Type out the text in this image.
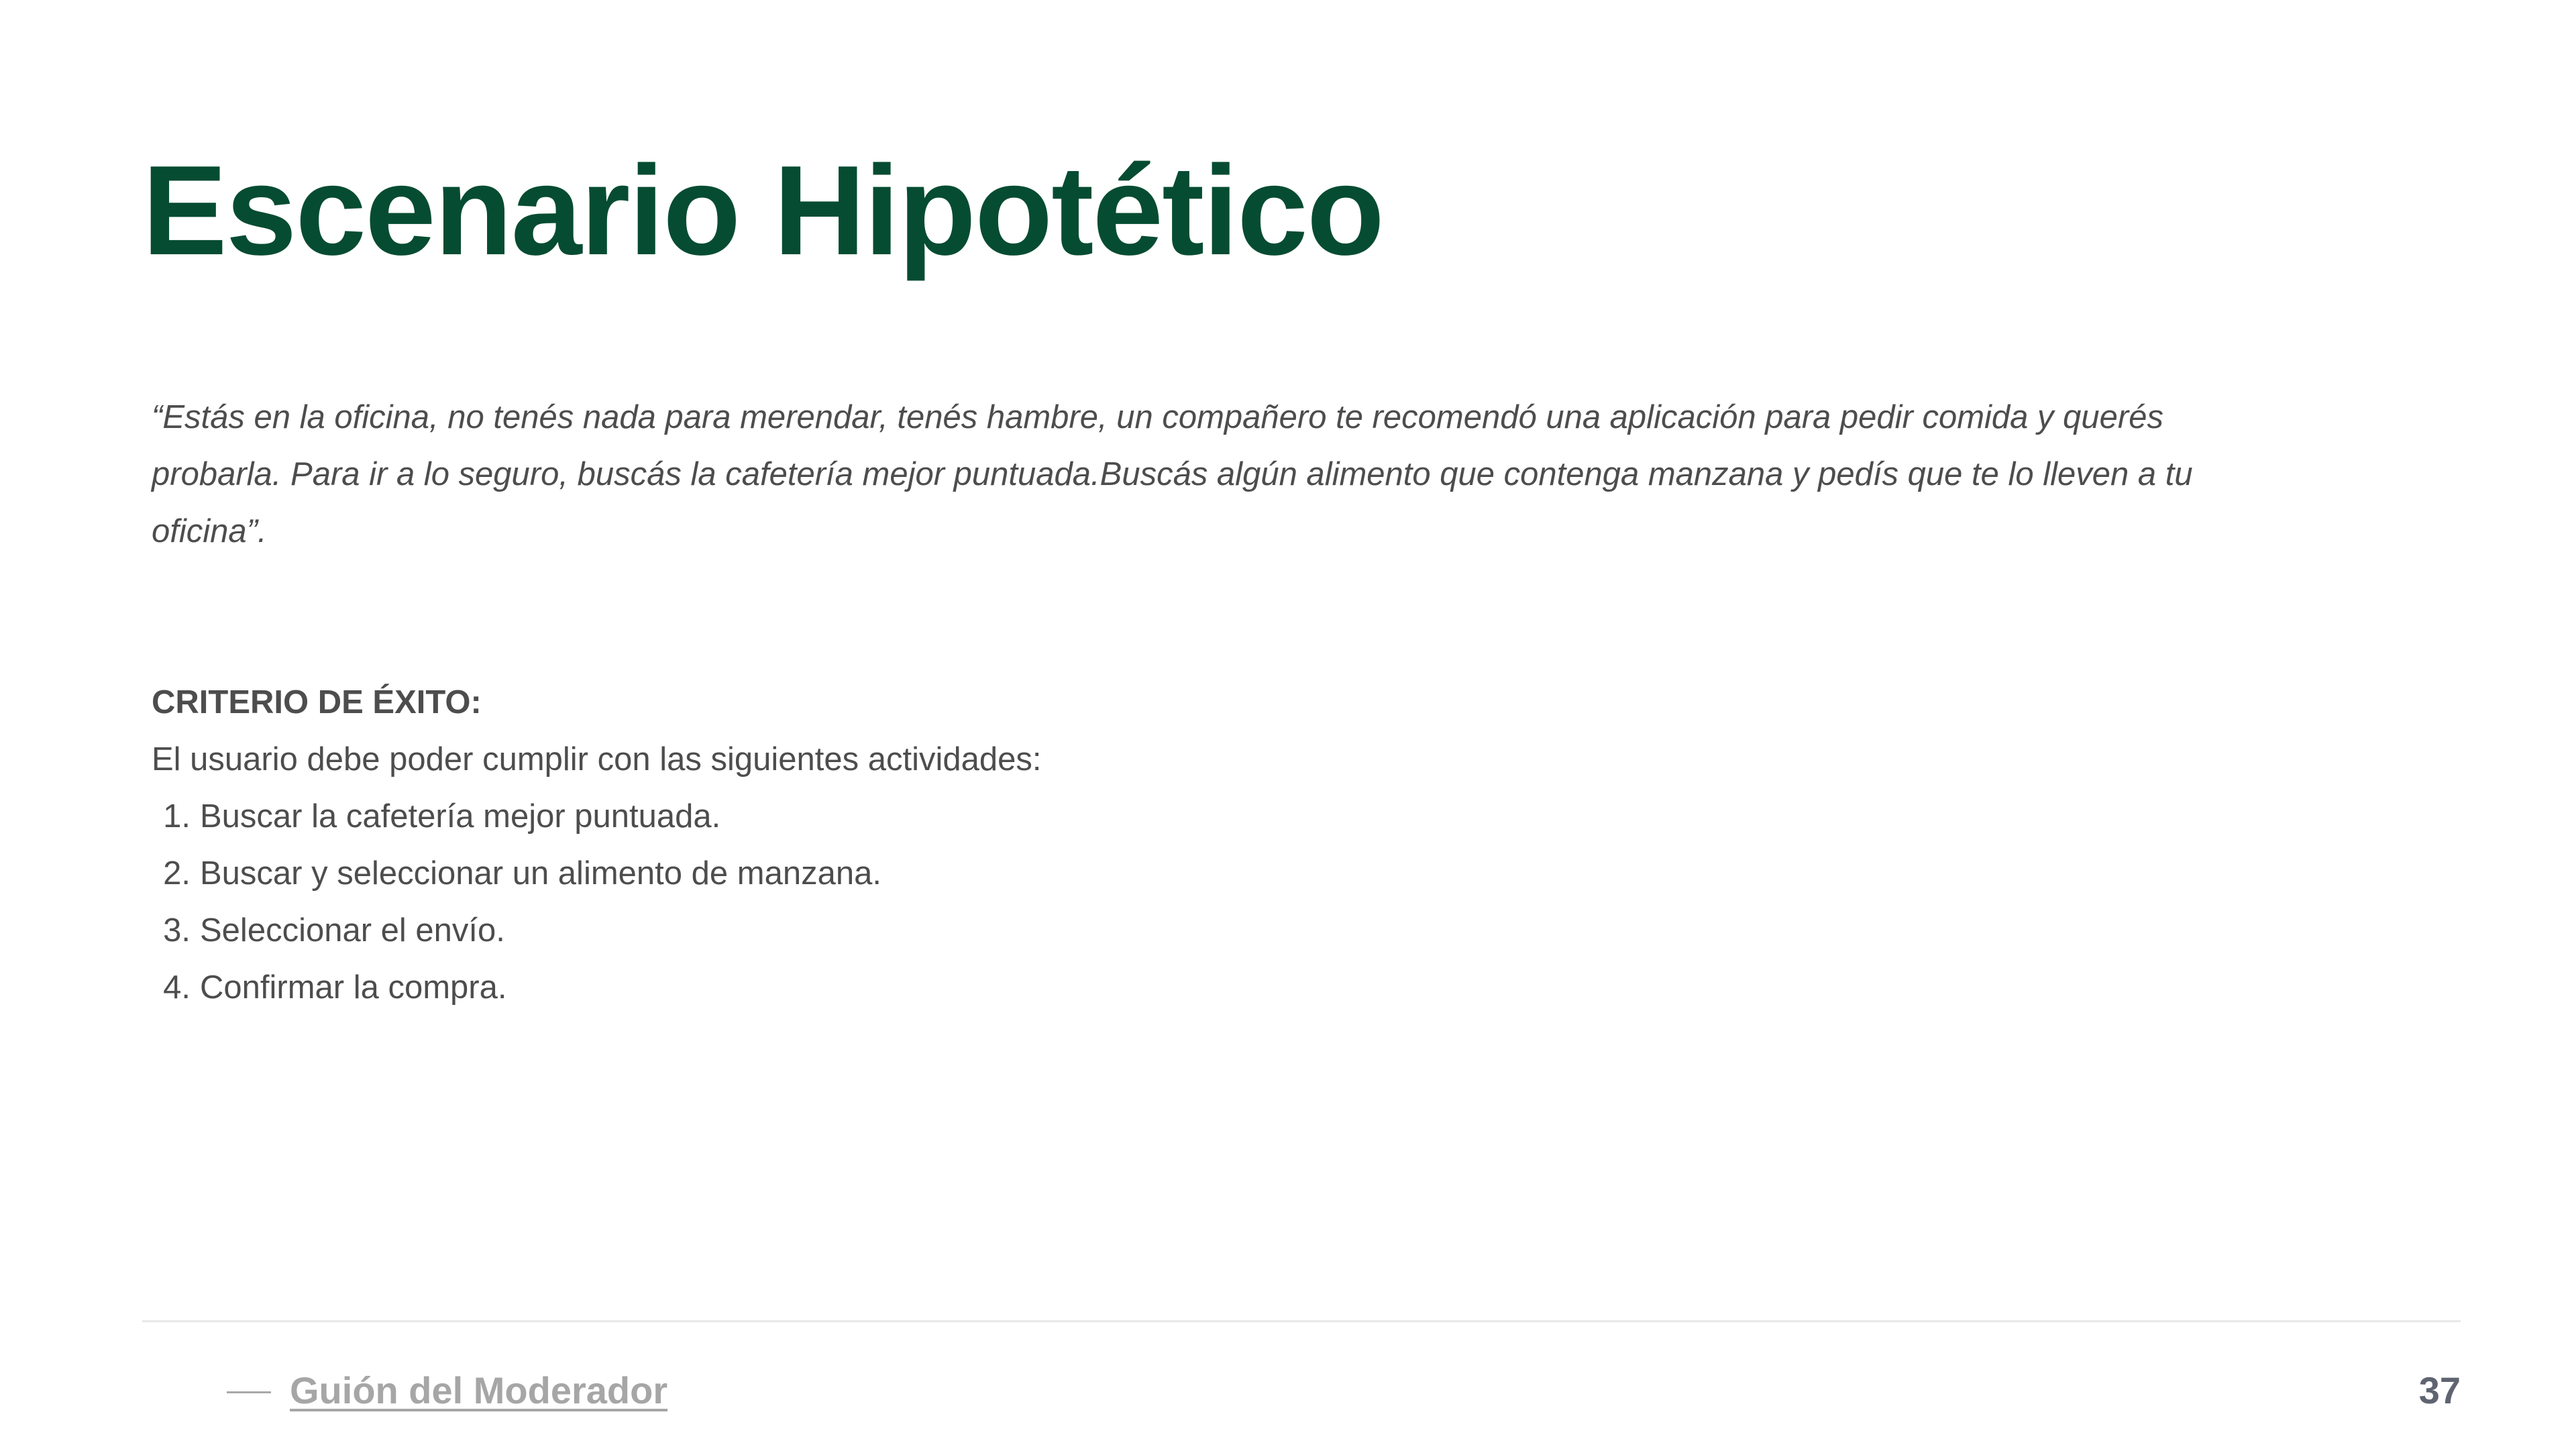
Escenario Hipotético

“Estás en la oficina, no tenés nada para merendar, tenés hambre, un compañero te recomendó una aplicación para pedir comida y querés probarla. Para ir a lo seguro, buscás la cafetería mejor puntuada.Buscás algún alimento que contenga manzana y pedís que te lo lleven a tu oficina”.

CRITERIO DE ÉXITO:

El usuario debe poder cumplir con las siguientes actividades:

1. Buscar la cafetería mejor puntuada.
2. Buscar y seleccionar un alimento de manzana.
3. Seleccionar el envío.
4. Confirmar la compra.
Guión del Moderador	37
